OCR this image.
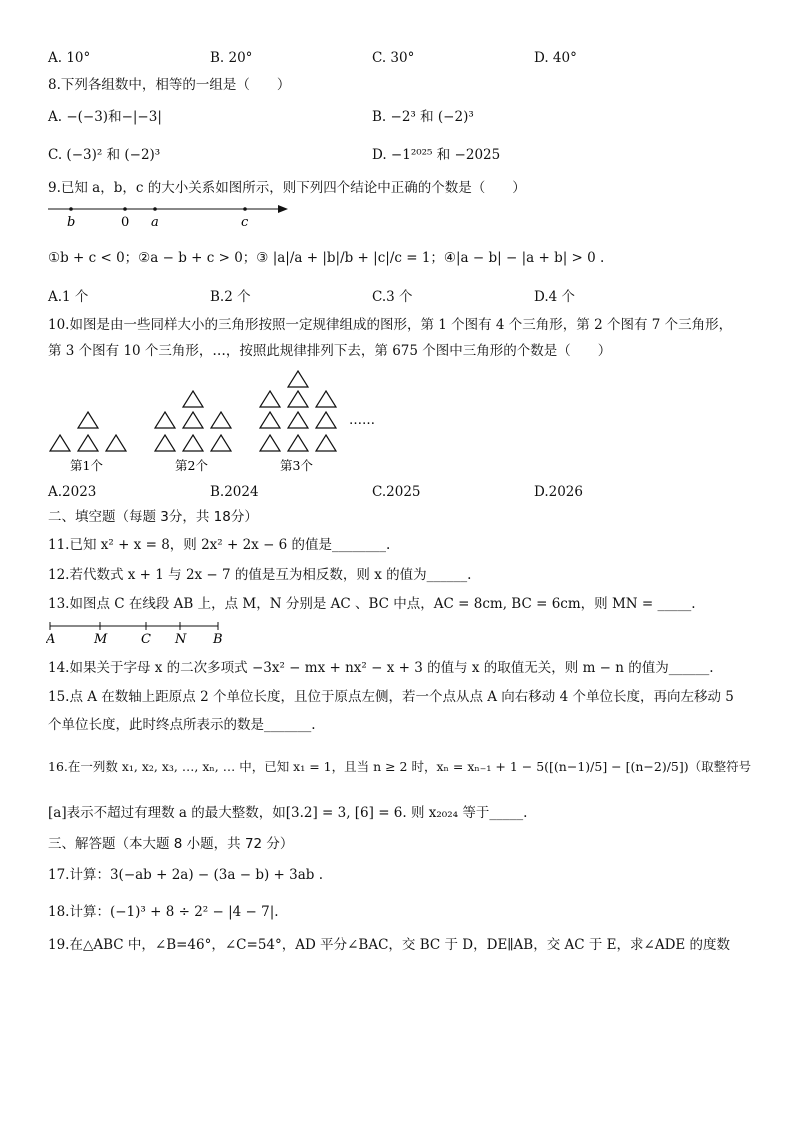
A. 10°	B. 20°	C. 30°	D. 40°
8.下列各组数中，相等的一组是（　　）
A. −(−3)和−|−3|	B. −2³ 和 (−2)³
C. (−3)² 和 (−2)³	D. −1²⁰²⁵ 和 −2025
9.已知 a，b，c 的大小关系如图所示，则下列四个结论中正确的个数是（　　）
b	0 a	c
①b + c < 0；②a − b + c > 0；③ |a|/a + |b|/b + |c|/c = 1；④|a − b| − |a + b| > 0 .
A.1 个	B.2 个	C.3 个	D.4 个
10.如图是由一些同样大小的三角形按照一定规律组成的图形，第 1 个图有 4 个三角形，第 2 个图有 7 个三角形，
第 3 个图有 10 个三角形，…，按照此规律排列下去，第 675 个图中三角形的个数是（　　）
……
第1个	第2个	第3个
A.2023	B.2024	C.2025	D.2026
二、填空题（每题 3分，共 18分）
11.已知 x² + x = 8，则 2x² + 2x − 6 的值是________.
12.若代数式 x + 1 与 2x − 7 的值是互为相反数，则 x 的值为______.
13.如图点 C 在线段 AB 上，点 M，N 分别是 AC 、BC 中点，AC = 8cm, BC = 6cm，则 MN = _____.
A	M	C N B
14.如果关于字母 x 的二次多项式 −3x² − mx + nx² − x + 3 的值与 x 的取值无关，则 m − n 的值为______.
15.点 A 在数轴上距原点 2 个单位长度，且位于原点左侧，若一个点从点 A 向右移动 4 个单位长度，再向左移动 5
个单位长度，此时终点所表示的数是_______.
16.在一列数 x₁, x₂, x₃, …, xₙ, … 中，已知 x₁ = 1，且当 n ≥ 2 时，xₙ = xₙ₋₁ + 1 − 5([(n−1)/5] − [(n−2)/5])（取整符号
[a]表示不超过有理数 a 的最大整数，如[3.2] = 3, [6] = 6. 则 x₂₀₂₄ 等于_____.
三、解答题（本大题 8 小题，共 72 分）
17.计算：3(−ab + 2a) − (3a − b) + 3ab .
18.计算：(−1)³ + 8 ÷ 2² − |4 − 7|.
19.在△ABC 中，∠B=46°，∠C=54°，AD 平分∠BAC，交 BC 于 D，DE∥AB，交 AC 于 E，求∠ADE 的度数
